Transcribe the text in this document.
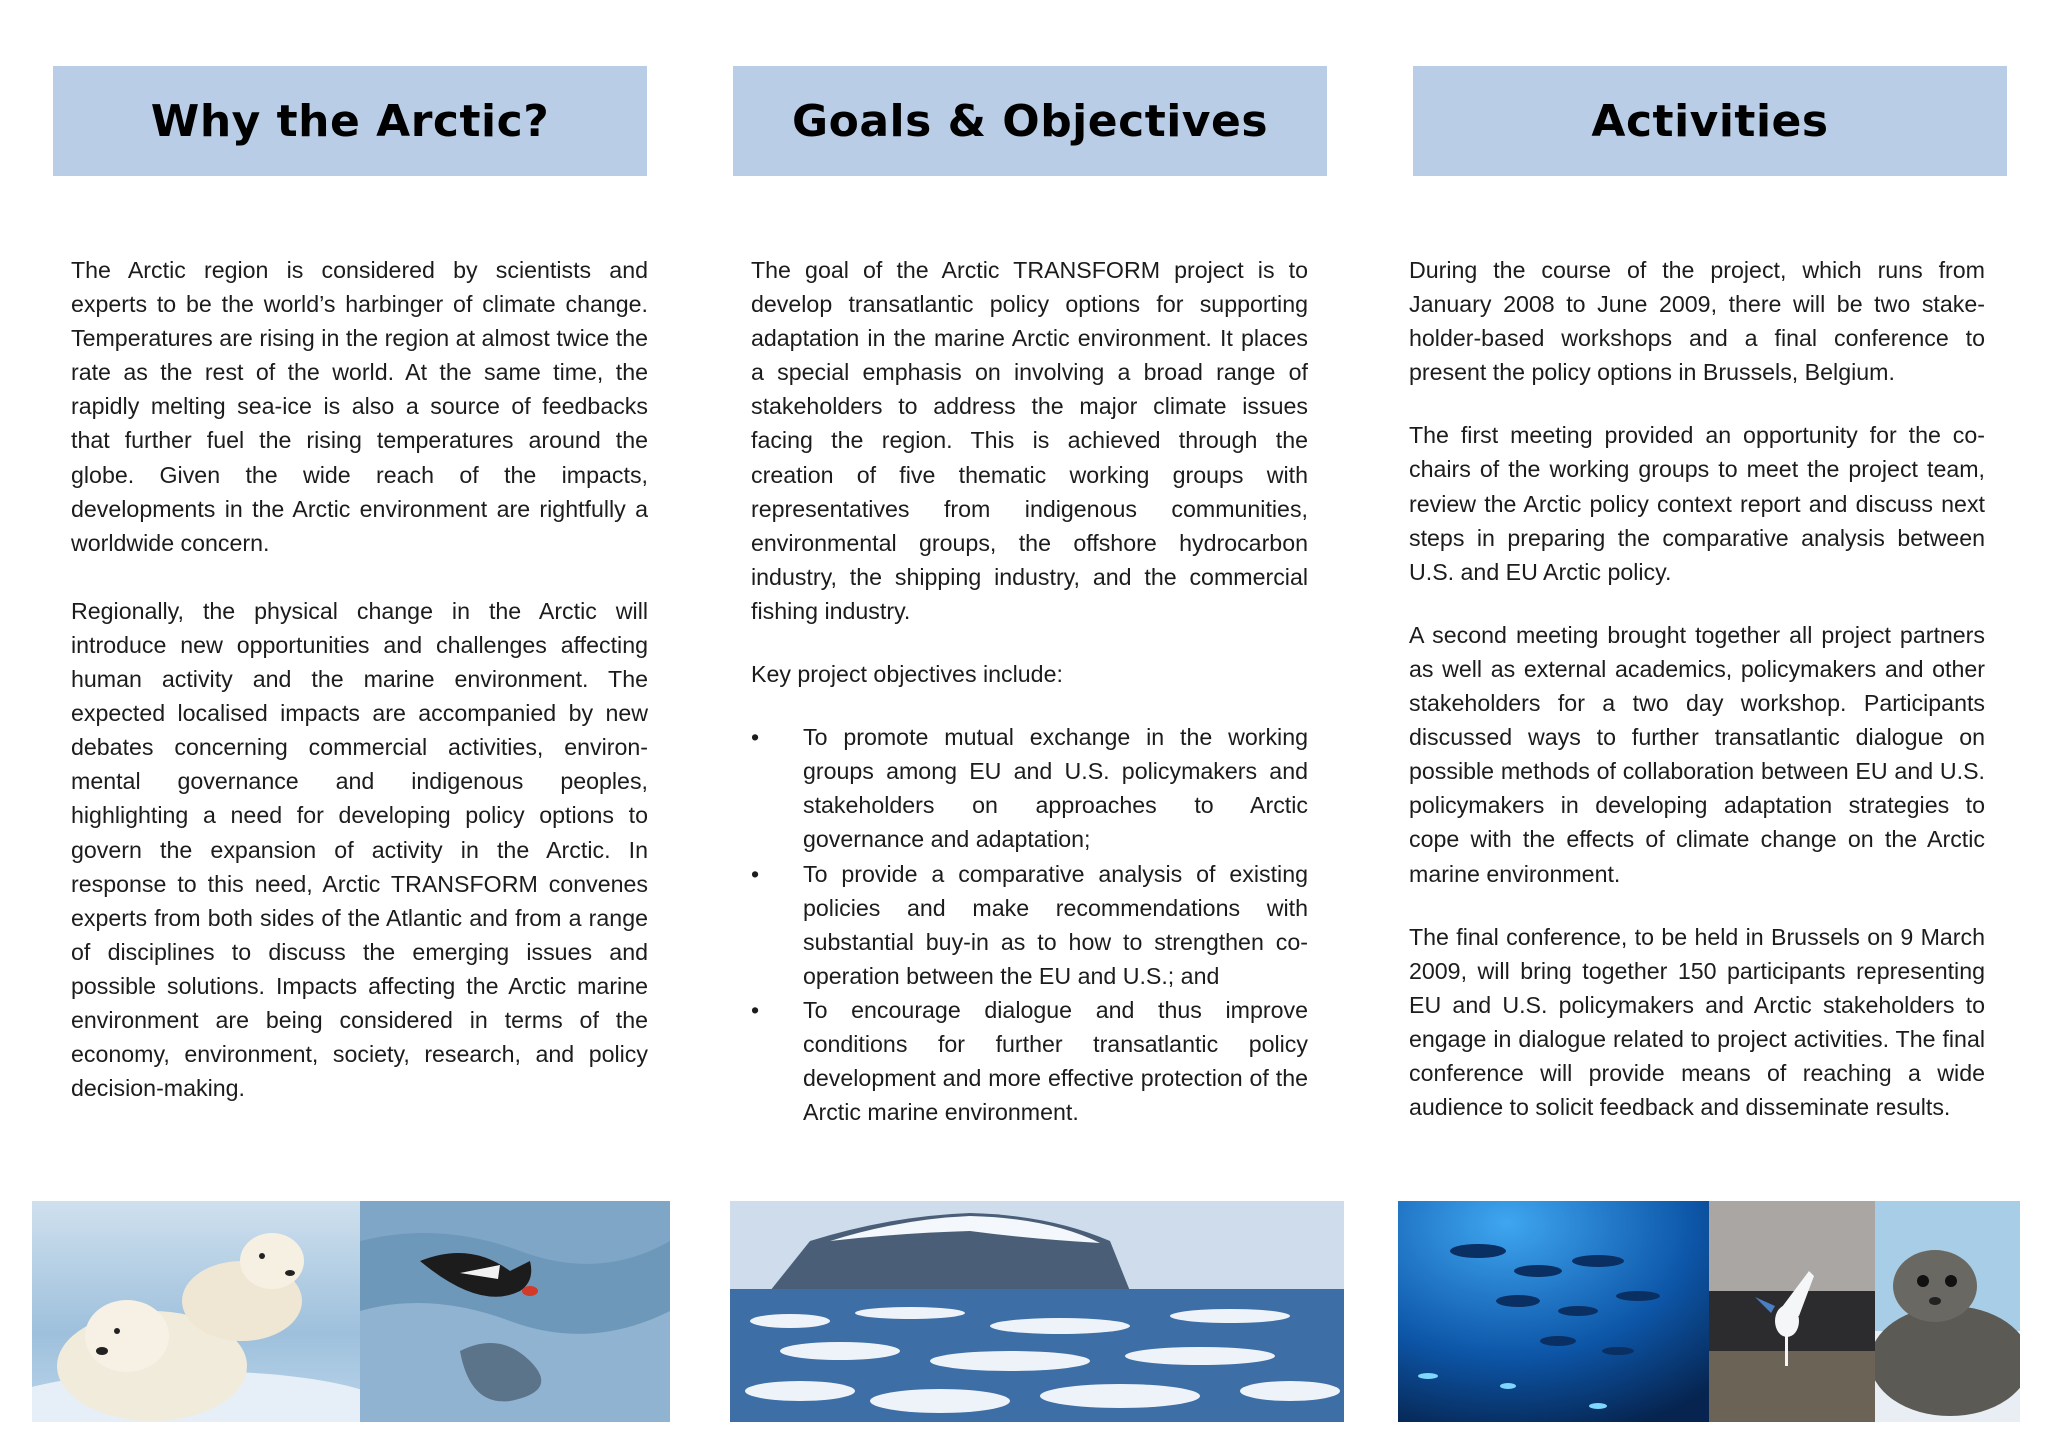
Why the Arctic?	Goals & Objectives	Activities

The Arctic region is considered by scientists and experts to be the world’s harbinger of climate change. Temperatures are rising in the region at almost twice the rate as the rest of the world. At the same time, the rapidly melting sea-ice is also a source of feedbacks that further fuel the rising temperatures around the globe. Given the wide reach of the impacts, developments in the Arctic environment are rightfully a worldwide concern.

Regionally, the physical change in the Arctic will introduce new opportunities and challenges affecting human activity and the marine environment. The expected localised impacts are accompanied by new debates concerning commercial activities, environmental governance and indigenous peoples, highlighting a need for developing policy options to govern the expansion of activity in the Arctic. In response to this need, Arctic TRANSFORM convenes experts from both sides of the Atlantic and from a range of disciplines to discuss the emerging issues and possible solutions. Impacts affecting the Arctic marine environment are being considered in terms of the economy, environment, society, research, and policy decision-making.

The goal of the Arctic TRANSFORM project is to develop transatlantic policy options for supporting adaptation in the marine Arctic environment. It places a special emphasis on involving a broad range of stakeholders to address the major climate issues facing the region. This is achieved through the creation of five thematic working groups with representatives from indigenous communities, environmental groups, the offshore hydrocarbon industry, the shipping industry, and the commercial fishing industry.

Key project objectives include:

• To promote mutual exchange in the working groups among EU and U.S. policymakers and stakeholders on approaches to Arctic governance and adaptation;
• To provide a comparative analysis of existing policies and make recommendations with substantial buy-in as to how to strengthen cooperation between the EU and U.S.; and
• To encourage dialogue and thus improve conditions for further transatlantic policy development and more effective protection of the Arctic marine environment.

During the course of the project, which runs from January 2008 to June 2009, there will be two stakeholder-based workshops and a final conference to present the policy options in Brussels, Belgium.

The first meeting provided an opportunity for the cochairs of the working groups to meet the project team, review the Arctic policy context report and discuss next steps in preparing the comparative analysis between U.S. and EU Arctic policy.

A second meeting brought together all project partners as well as external academics, policymakers and other stakeholders for a two day workshop. Participants discussed ways to further transatlantic dialogue on possible methods of collaboration between EU and U.S. policymakers in developing adaptation strategies to cope with the effects of climate change on the Arctic marine environment.

The final conference, to be held in Brussels on 9 March 2009, will bring together 150 participants representing EU and U.S. policymakers and Arctic stakeholders to engage in dialogue related to project activities. The final conference will provide means of reaching a wide audience to solicit feedback and disseminate results.
